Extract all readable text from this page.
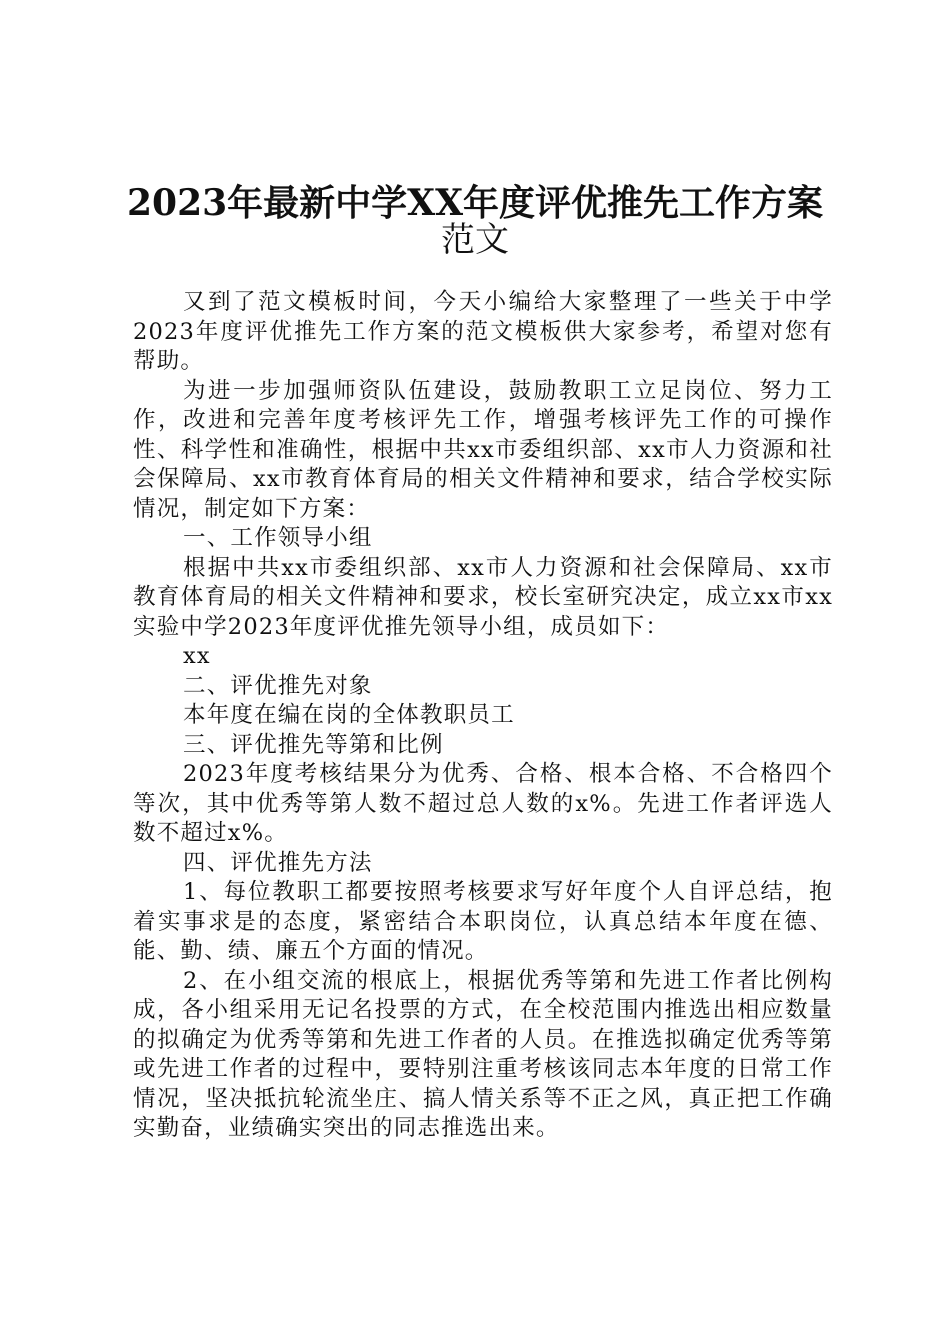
2023年最新中学XX年度评优推先工作方案
范文

又到了范文模板时间，今天小编给大家整理了一些关于中学2023年度评优推先工作方案的范文模板供大家参考，希望对您有帮助。

为进一步加强师资队伍建设，鼓励教职工立足岗位、努力工作，改进和完善年度考核评先工作，增强考核评先工作的可操作性、科学性和准确性，根据中共xx市委组织部、xx市人力资源和社会保障局、xx市教育体育局的相关文件精神和要求，结合学校实际情况，制定如下方案：

一、工作领导小组

根据中共xx市委组织部、xx市人力资源和社会保障局、xx市教育体育局的相关文件精神和要求，校长室研究决定，成立xx市xx实验中学2023年度评优推先领导小组，成员如下：

xx

二、评优推先对象

本年度在编在岗的全体教职员工

三、评优推先等第和比例

2023年度考核结果分为优秀、合格、根本合格、不合格四个等次，其中优秀等第人数不超过总人数的x%。先进工作者评选人数不超过x%。

四、评优推先方法

1、每位教职工都要按照考核要求写好年度个人自评总结，抱着实事求是的态度，紧密结合本职岗位，认真总结本年度在德、能、勤、绩、廉五个方面的情况。

2、在小组交流的根底上，根据优秀等第和先进工作者比例构成，各小组采用无记名投票的方式，在全校范围内推选出相应数量的拟确定为优秀等第和先进工作者的人员。在推选拟确定优秀等第或先进工作者的过程中，要特别注重考核该同志本年度的日常工作情况，坚决抵抗轮流坐庄、搞人情关系等不正之风，真正把工作确实勤奋，业绩确实突出的同志推选出来。
